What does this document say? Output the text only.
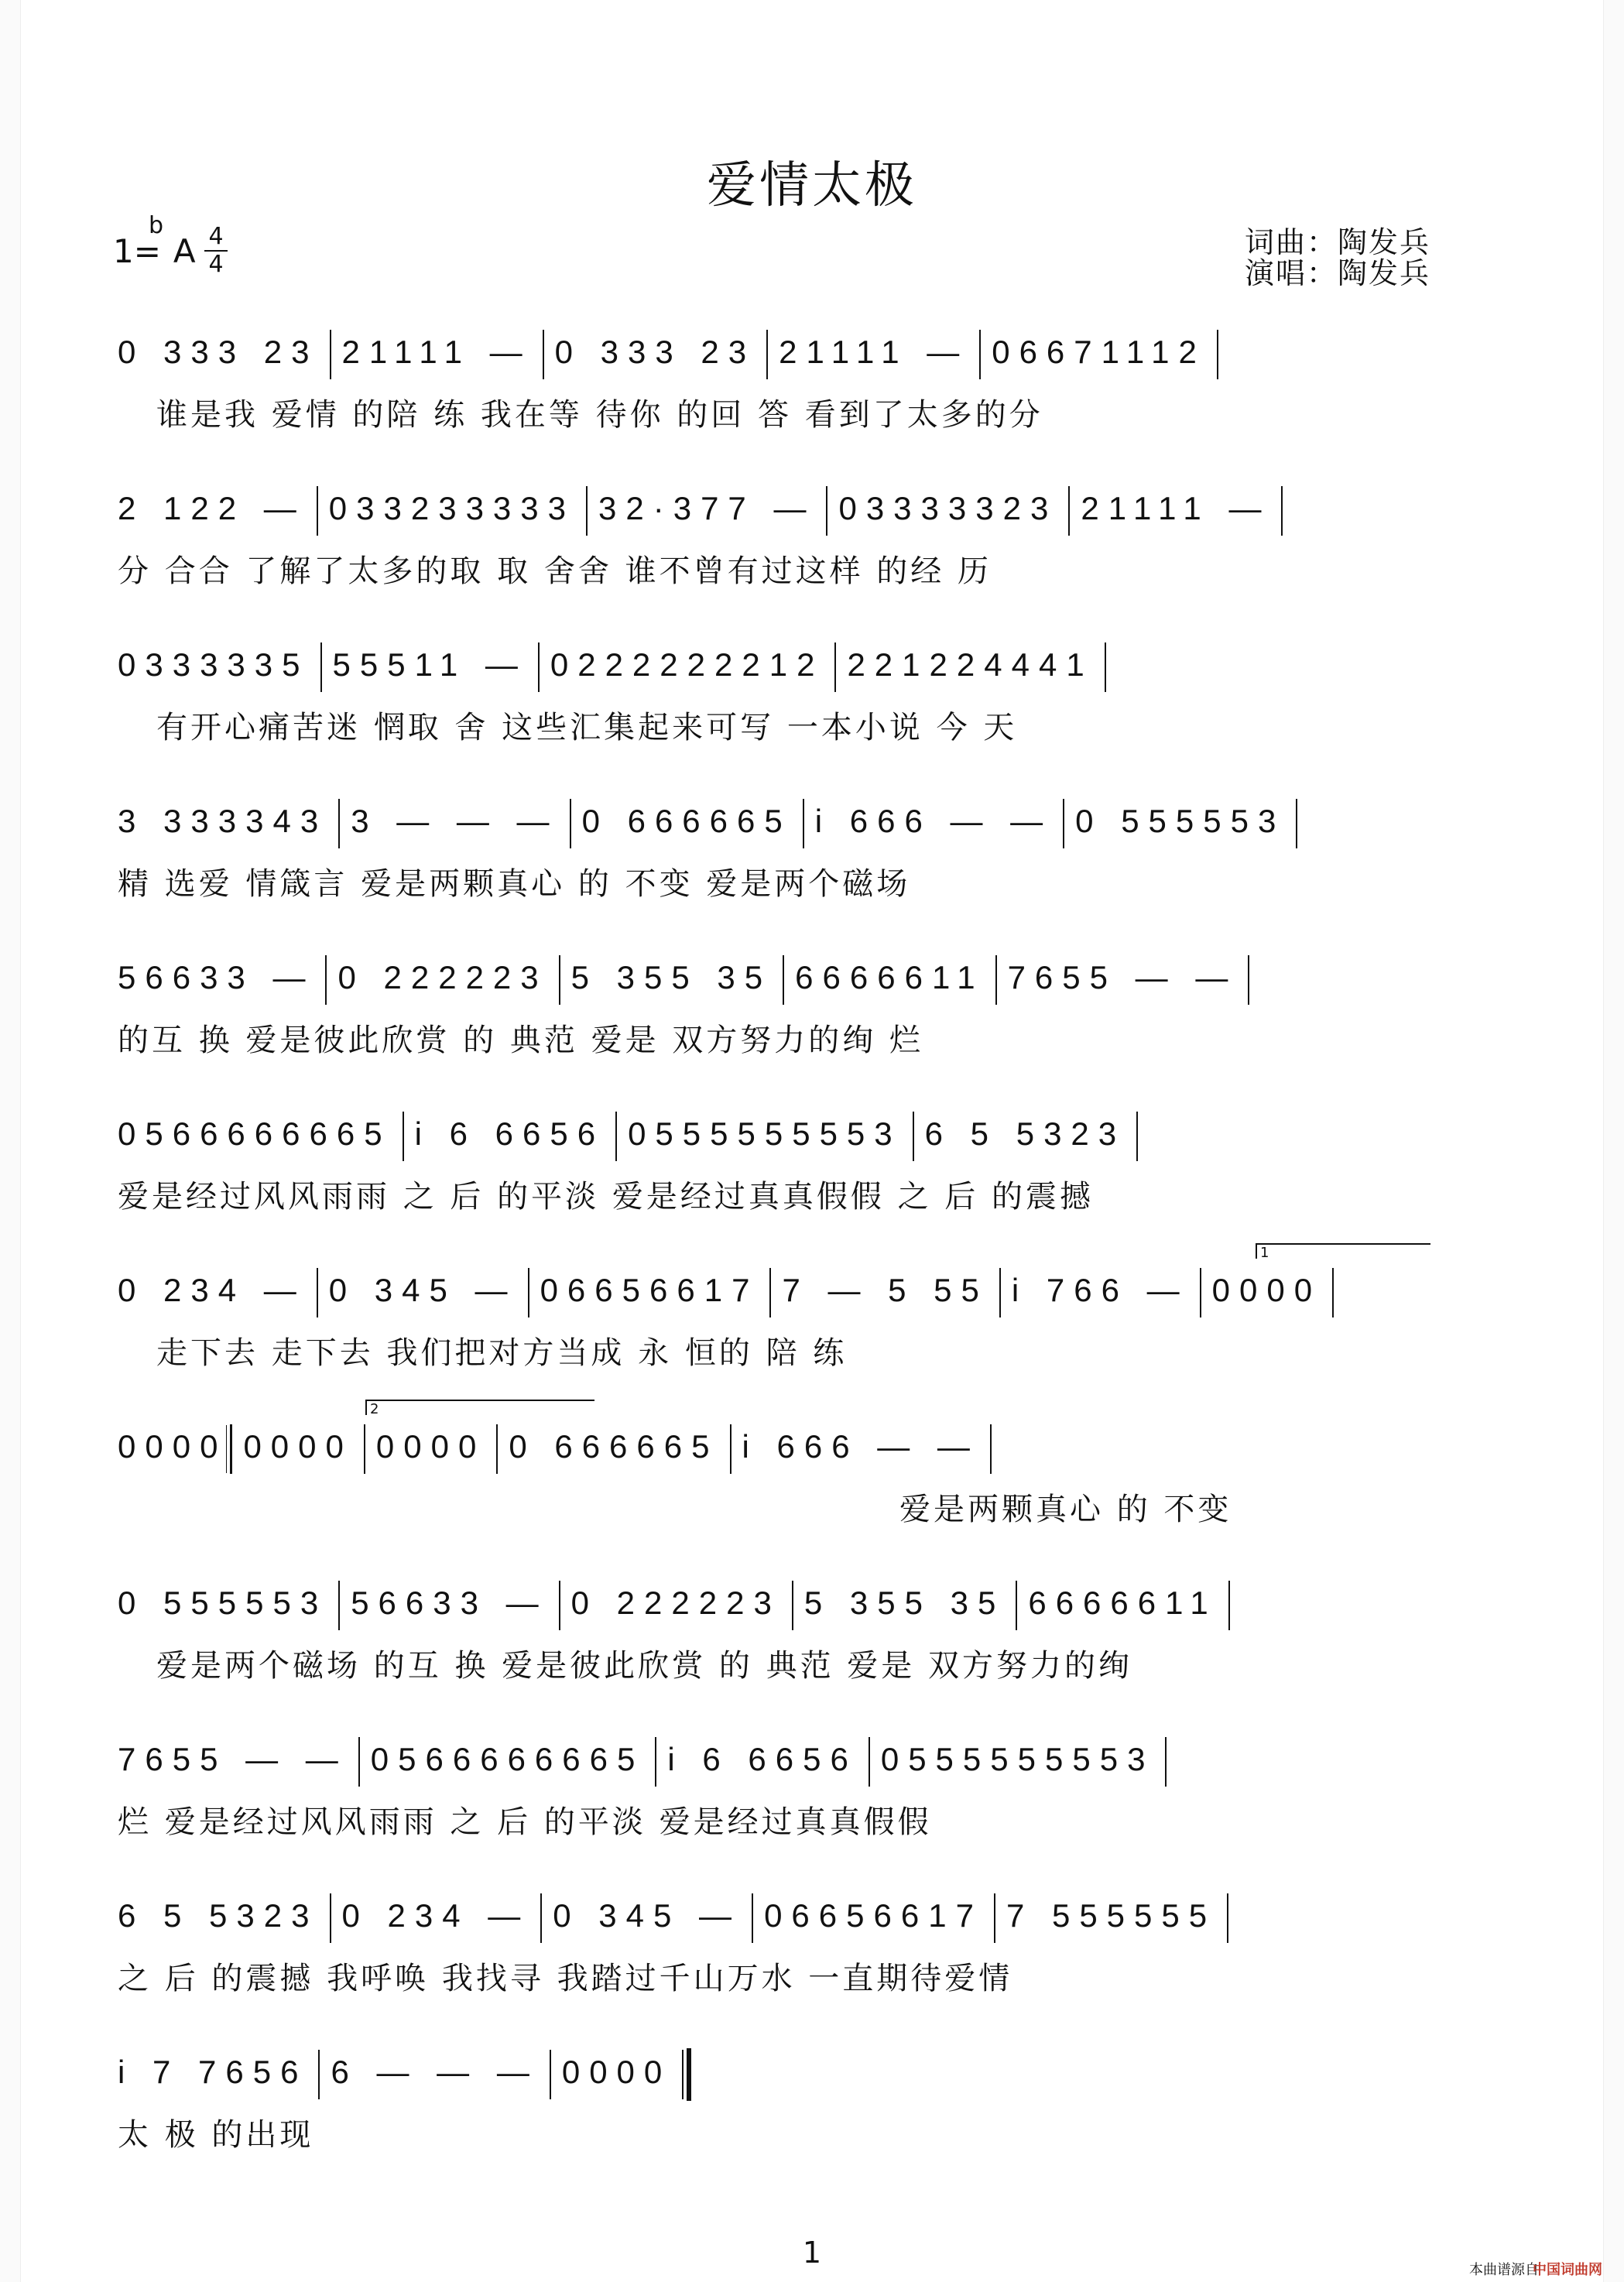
爱情太极
1= A
b 4
4
词曲：陶发兵
演唱：陶发兵
0 333 23 21111 — 0 333 23 21111 — 06671112
谁是我 爱情 的陪 练 我在等 待你 的回 答 看到了太多的分
2 122 — 033233333 32·377 — 03333323 21111 —
分 合合 了解了太多的取 取 舍舍 谁不曾有过这样 的经 历
0333335 55511 — 0222222212 221224441
有开心痛苦迷 惘取 舍 这些汇集起来可写 一本小说 今 天
3 333343 3 — — — 0 666665 i 666 — — 0 555553
精 选爱 情箴言 爱是两颗真心 的 不变 爱是两个磁场
56633 — 0 222223 5 355 35 6666611 7655 — —
的互 换 爱是彼此欣赏 的 典范 爱是 双方努力的绚 烂
0566666665 i 6 6656 0555555553 6 5 5323
爱是经过风风雨雨 之 后 的平淡 爱是经过真真假假 之 后 的震撼
0 234 — 0 345 — 06656617 7 — 5 55 i 766 — 0000
1
走下去 走下去 我们把对方当成 永 恒的 陪 练
0000 0000 0000 0 666665 i 666 — —
2
爱是两颗真心 的 不变
0 555553 56633 — 0 222223 5 355 35 6666611
爱是两个磁场 的互 换 爱是彼此欣赏 的 典范 爱是 双方努力的绚
7655 — — 0566666665 i 6 6656 0555555553
烂 爱是经过风风雨雨 之 后 的平淡 爱是经过真真假假
6 5 5323 0 234 — 0 345 — 06656617 7 555555
之 后 的震撼 我呼唤 我找寻 我踏过千山万水 一直期待爱情
i 7 7656 6 — — — 0000
太 极 的出现
1
本曲谱源自
中国词曲网
